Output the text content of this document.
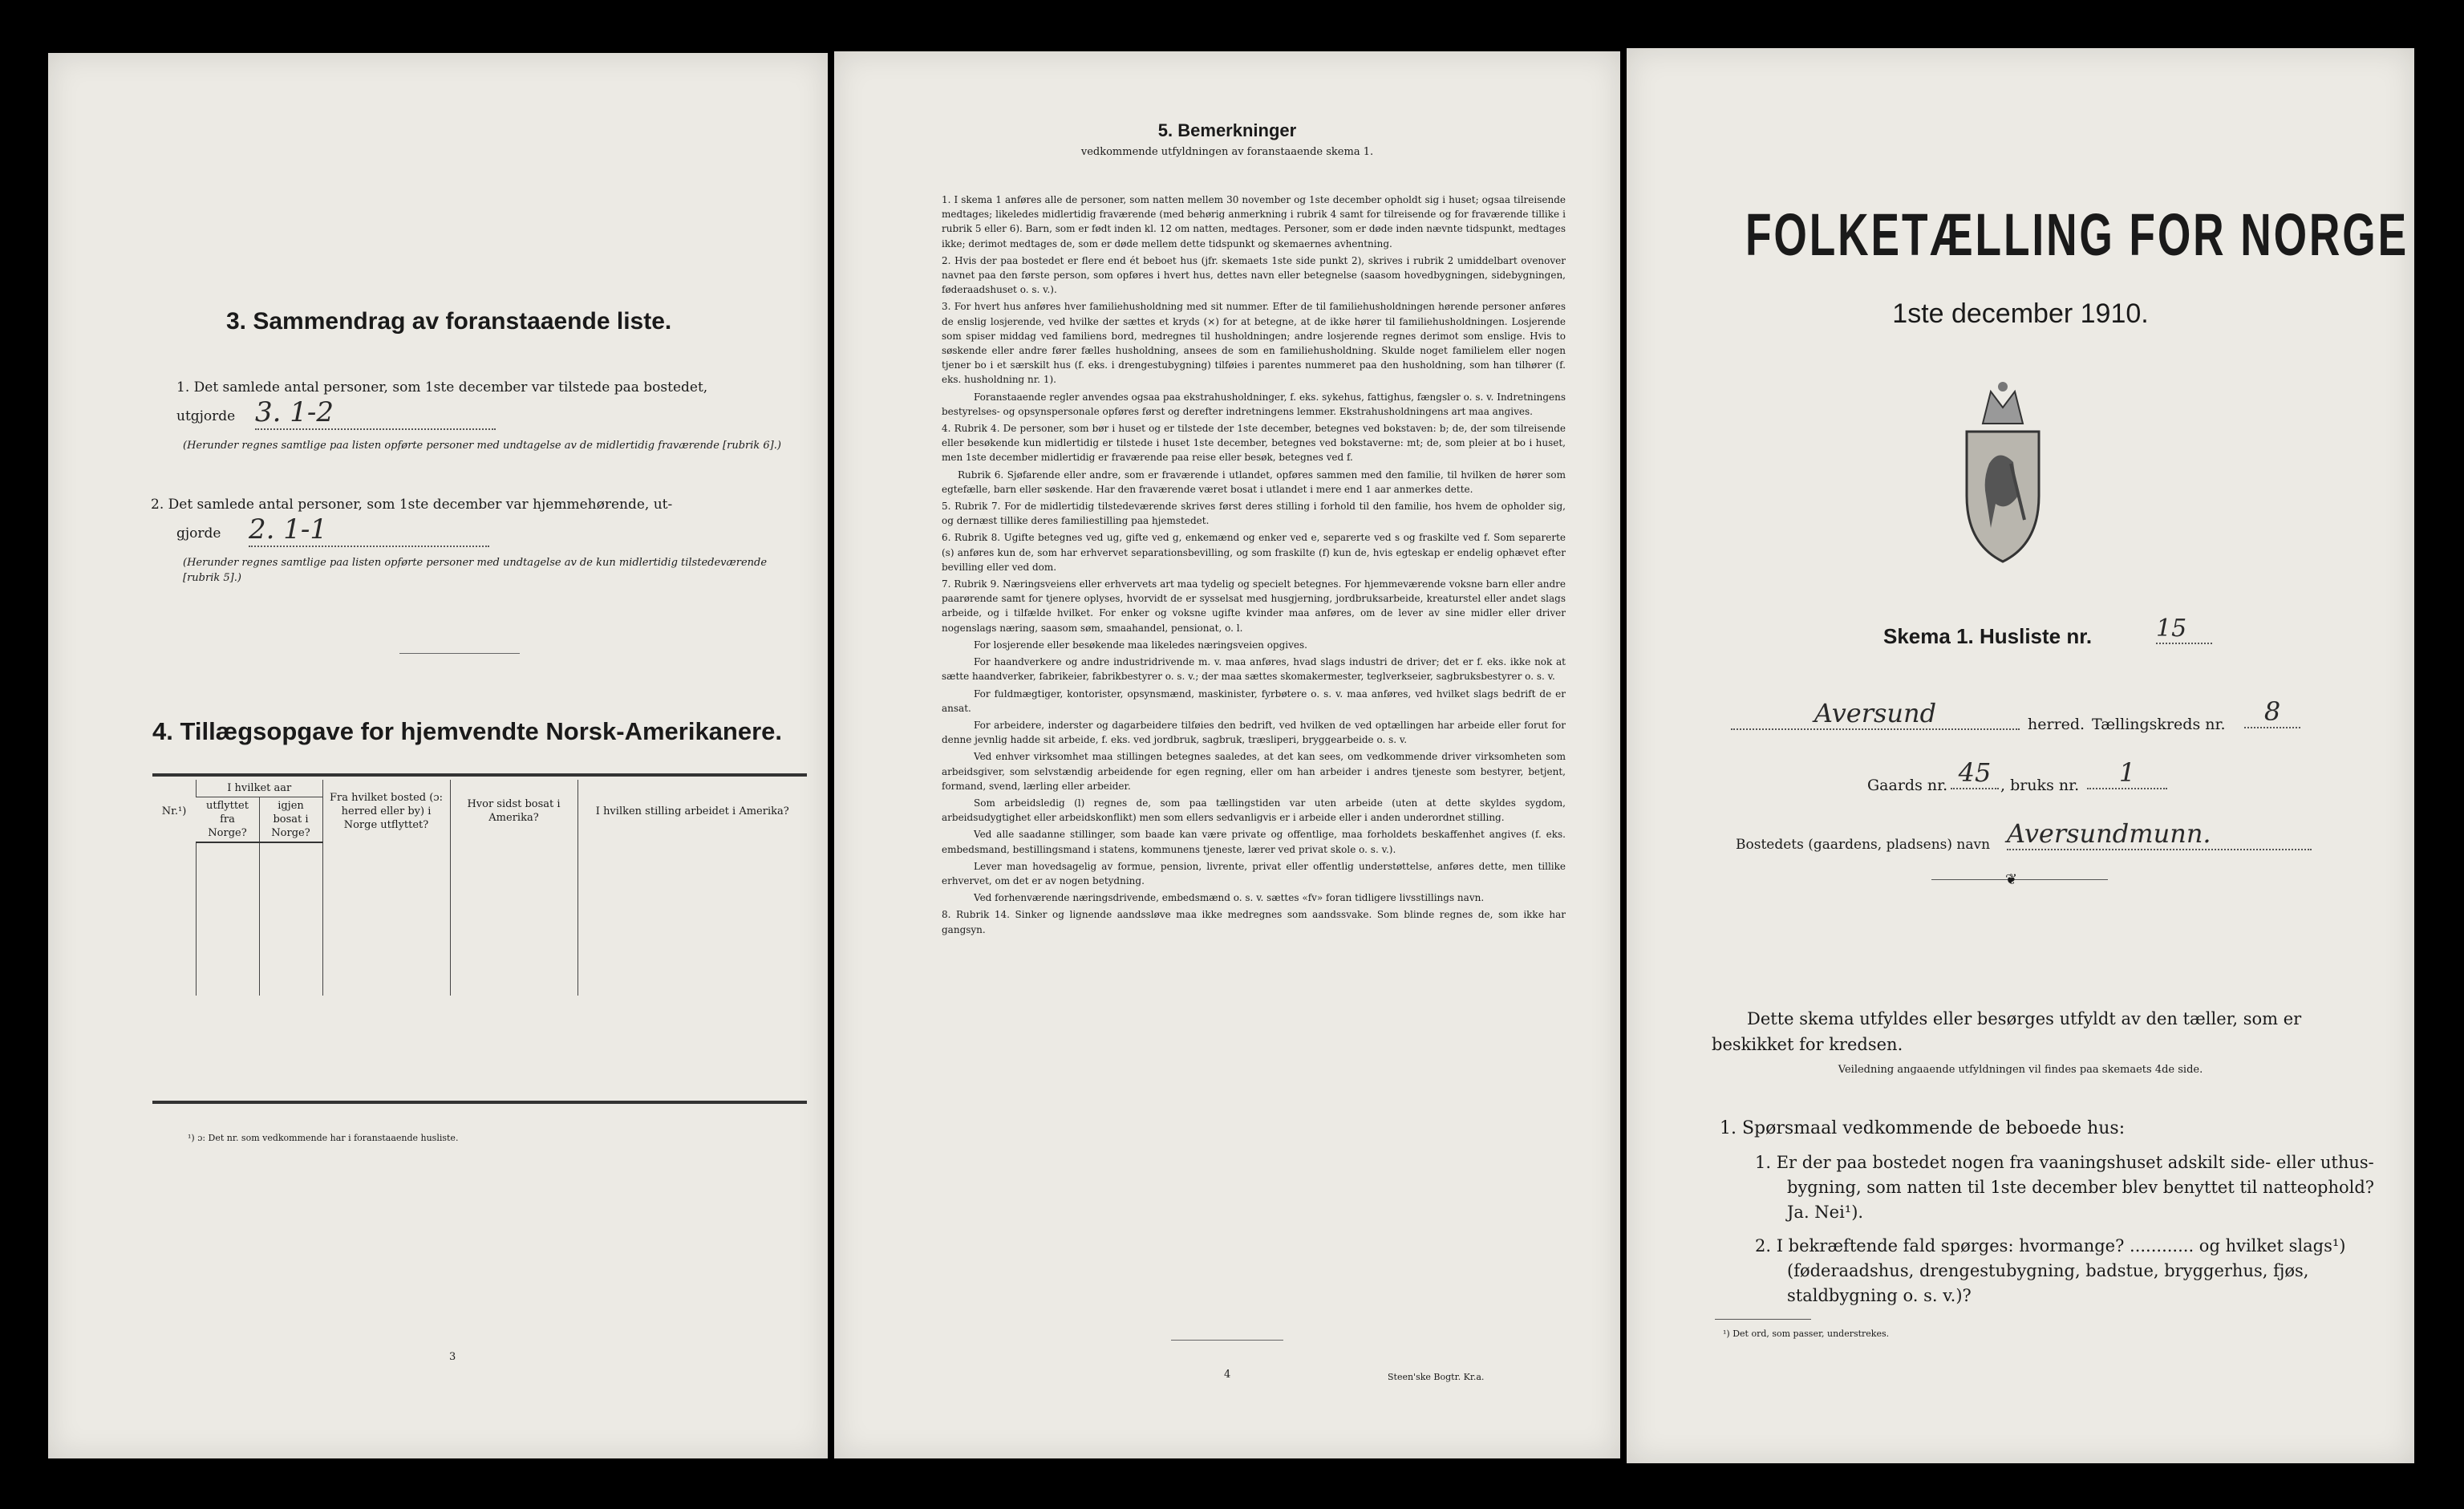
3. Sammendrag av foranstaaende liste.
1. Det samlede antal personer, som 1ste december var tilstede paa bostedet,
utgjorde 3. 1-2
(Herunder regnes samtlige paa listen opførte personer med undtagelse av de midlertidig fraværende [rubrik 6].)
2. Det samlede antal personer, som 1ste december var hjemmehørende, ut-
gjorde 2. 1-1
(Herunder regnes samtlige paa listen opførte personer med undtagelse av de kun midlertidig tilstedeværende [rubrik 5].)
4. Tillægsopgave for hjemvendte Norsk-Amerikanere.
Nr.¹)	I hvilket aar		Fra hvilket bosted (ɔ: herred eller by) i Norge utflyttet?	Hvor sidst bosat i Amerika?	I hvilken stilling arbeidet i Amerika?
	utflyttet fra Norge?	igjen bosat i Norge?			

¹) ɔ: Det nr. som vedkommende har i foranstaaende husliste.
3
5. Bemerkninger
vedkommende utfyldningen av foranstaaende skema 1.

1. I skema 1 anføres alle de personer, som natten mellem 30 november og 1ste december opholdt sig i huset; ogsaa tilreisende medtages; likeledes midlertidig fraværende (med behørig anmerkning i rubrik 4 samt for tilreisende og for fraværende tillike i rubrik 5 eller 6). Barn, som er født inden kl. 12 om natten, medtages. Personer, som er døde inden nævnte tidspunkt, medtages ikke; derimot medtages de, som er døde mellem dette tidspunkt og skemaernes avhentning.

2. Hvis der paa bostedet er flere end ét beboet hus (jfr. skemaets 1ste side punkt 2), skrives i rubrik 2 umiddelbart ovenover navnet paa den første person, som opføres i hvert hus, dettes navn eller betegnelse (saasom hovedbygningen, sidebygningen, føderaadshuset o. s. v.).

3. For hvert hus anføres hver familiehusholdning med sit nummer. Efter de til familiehusholdningen hørende personer anføres de enslig losjerende, ved hvilke der sættes et kryds (×) for at betegne, at de ikke hører til familiehusholdningen. Losjerende som spiser middag ved familiens bord, medregnes til husholdningen; andre losjerende regnes derimot som enslige. Hvis to søskende eller andre fører fælles husholdning, ansees de som en familiehusholdning. Skulde noget familielem eller nogen tjener bo i et særskilt hus (f. eks. i drengestubygning) tilføies i parentes nummeret paa den husholdning, som han tilhører (f. eks. husholdning nr. 1).

Foranstaaende regler anvendes ogsaa paa ekstrahusholdninger, f. eks. sykehus, fattighus, fængsler o. s. v. Indretningens bestyrelses- og opsynspersonale opføres først og derefter indretningens lemmer. Ekstrahusholdningens art maa angives.

4. Rubrik 4. De personer, som bør i huset og er tilstede der 1ste december, betegnes ved bokstaven: b; de, der som tilreisende eller besøkende kun midlertidig er tilstede i huset 1ste december, betegnes ved bokstaverne: mt; de, som pleier at bo i huset, men 1ste december midlertidig er fraværende paa reise eller besøk, betegnes ved f.

Rubrik 6. Sjøfarende eller andre, som er fraværende i utlandet, opføres sammen med den familie, til hvilken de hører som egtefælle, barn eller søskende. Har den fraværende været bosat i utlandet i mere end 1 aar anmerkes dette.

5. Rubrik 7. For de midlertidig tilstedeværende skrives først deres stilling i forhold til den familie, hos hvem de opholder sig, og dernæst tillike deres familiestilling paa hjemstedet.

6. Rubrik 8. Ugifte betegnes ved ug, gifte ved g, enkemænd og enker ved e, separerte ved s og fraskilte ved f. Som separerte (s) anføres kun de, som har erhvervet separationsbevilling, og som fraskilte (f) kun de, hvis egteskap er endelig ophævet efter bevilling eller ved dom.

7. Rubrik 9. Næringsveiens eller erhvervets art maa tydelig og specielt betegnes. For hjemmeværende voksne barn eller andre paarørende samt for tjenere oplyses, hvorvidt de er sysselsat med husgjerning, jordbruksarbeide, kreaturstel eller andet slags arbeide, og i tilfælde hvilket. For enker og voksne ugifte kvinder maa anføres, om de lever av sine midler eller driver nogenslags næring, saasom søm, smaahandel, pensionat, o. l.

For losjerende eller besøkende maa likeledes næringsveien opgives.

For haandverkere og andre industridrivende m. v. maa anføres, hvad slags industri de driver; det er f. eks. ikke nok at sætte haandverker, fabrikeier, fabrikbestyrer o. s. v.; der maa sættes skomakermester, teglverkseier, sagbruksbestyrer o. s. v.

For fuldmægtiger, kontorister, opsynsmænd, maskinister, fyrbøtere o. s. v. maa anføres, ved hvilket slags bedrift de er ansat.

For arbeidere, inderster og dagarbeidere tilføies den bedrift, ved hvilken de ved optællingen har arbeide eller forut for denne jevnlig hadde sit arbeide, f. eks. ved jordbruk, sagbruk, træsliperi, bryggearbeide o. s. v.

Ved enhver virksomhet maa stillingen betegnes saaledes, at det kan sees, om vedkommende driver virksomheten som arbeidsgiver, som selvstændig arbeidende for egen regning, eller om han arbeider i andres tjeneste som bestyrer, betjent, formand, svend, lærling eller arbeider.

Som arbeidsledig (l) regnes de, som paa tællingstiden var uten arbeide (uten at dette skyldes sygdom, arbeidsudygtighet eller arbeidskonflikt) men som ellers sedvanligvis er i arbeide eller i anden underordnet stilling.

Ved alle saadanne stillinger, som baade kan være private og offentlige, maa forholdets beskaffenhet angives (f. eks. embedsmand, bestillingsmand i statens, kommunens tjeneste, lærer ved privat skole o. s. v.).

Lever man hovedsagelig av formue, pension, livrente, privat eller offentlig understøttelse, anføres dette, men tillike erhvervet, om det er av nogen betydning.

Ved forhenværende næringsdrivende, embedsmænd o. s. v. sættes «fv» foran tidligere livsstillings navn.

8. Rubrik 14. Sinker og lignende aandssløve maa ikke medregnes som aandssvake. Som blinde regnes de, som ikke har gangsyn.

4	Steen'ske Bogtr. Kr.a.
FOLKETÆLLING FOR NORGE
1ste december 1910.
Skema 1. Husliste nr.	15
Aversund	herred. Tællingskreds nr.	8
Gaards nr. 45 , bruks nr.	1
Bostedets (gaardens, pladsens) navn Aversundmunn.
❦
Dette skema utfyldes eller besørges utfyldt av den tæller, som er beskikket for kredsen.
Veiledning angaaende utfyldningen vil findes paa skemaets 4de side.
1. Spørsmaal vedkommende de beboede hus:
1. Er der paa bostedet nogen fra vaaningshuset adskilt side- eller uthus-bygning, som natten til 1ste december blev benyttet til natteophold? Ja. Nei¹).
2. I bekræftende fald spørges: hvormange? ............ og hvilket slags¹) (føderaadshus, drengestubygning, badstue, bryggerhus, fjøs, staldbygning o. s. v.)?
¹) Det ord, som passer, understrekes.
